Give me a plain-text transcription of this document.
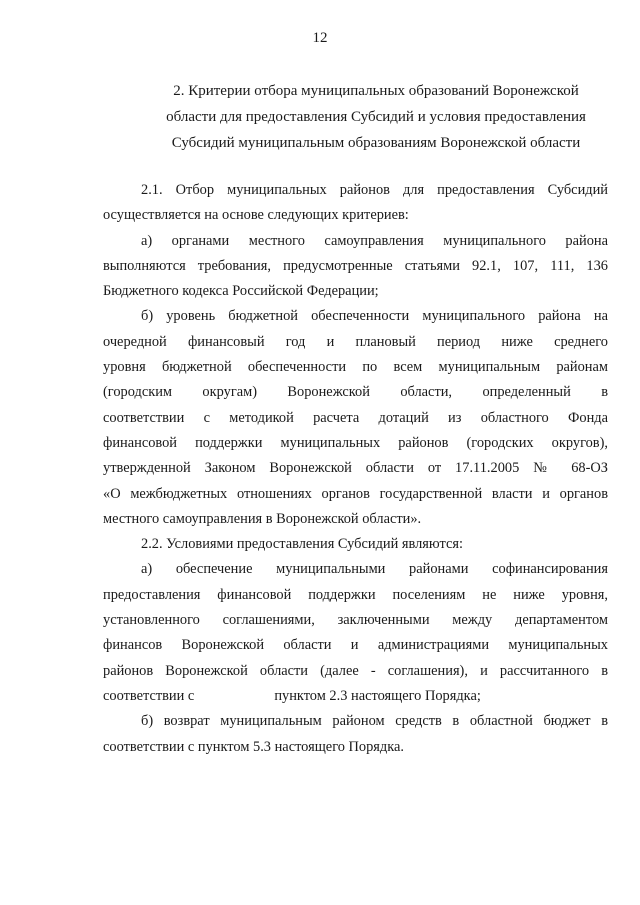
12
2. Критерии отбора муниципальных образований Воронежской
области для предоставления Субсидий и условия предоставления
Субсидий муниципальным образованиям Воронежской области
2.1. Отбор муниципальных районов для предоставления Субсидий
осуществляется на основе следующих критериев:
а) органами местного самоуправления муниципального района
выполняются требования, предусмотренные статьями 92.1, 107, 111, 136
Бюджетного кодекса Российской Федерации;
б) уровень бюджетной обеспеченности муниципального района на
очередной финансовый год и плановый период ниже среднего
уровня бюджетной обеспеченности по всем муниципальным районам
(городским округам) Воронежской области, определенный в
соответствии с методикой расчета дотаций из областного Фонда
финансовой поддержки муниципальных районов (городских округов),
утвержденной Законом Воронежской области от 17.11.2005 № 68-ОЗ
«О межбюджетных отношениях органов государственной власти и органов
местного самоуправления в Воронежской области».
2.2. Условиями предоставления Субсидий являются:
а) обеспечение муниципальными районами софинансирования
предоставления финансовой поддержки поселениям не ниже уровня,
установленного соглашениями, заключенными между департаментом
финансов Воронежской области и администрациями муниципальных
районов Воронежской области (далее - соглашения), и рассчитанного в
соответствии с	пунктом 2.3 настоящего Порядка;
б) возврат муниципальным районом средств в областной бюджет в
соответствии с пунктом 5.3 настоящего Порядка.
